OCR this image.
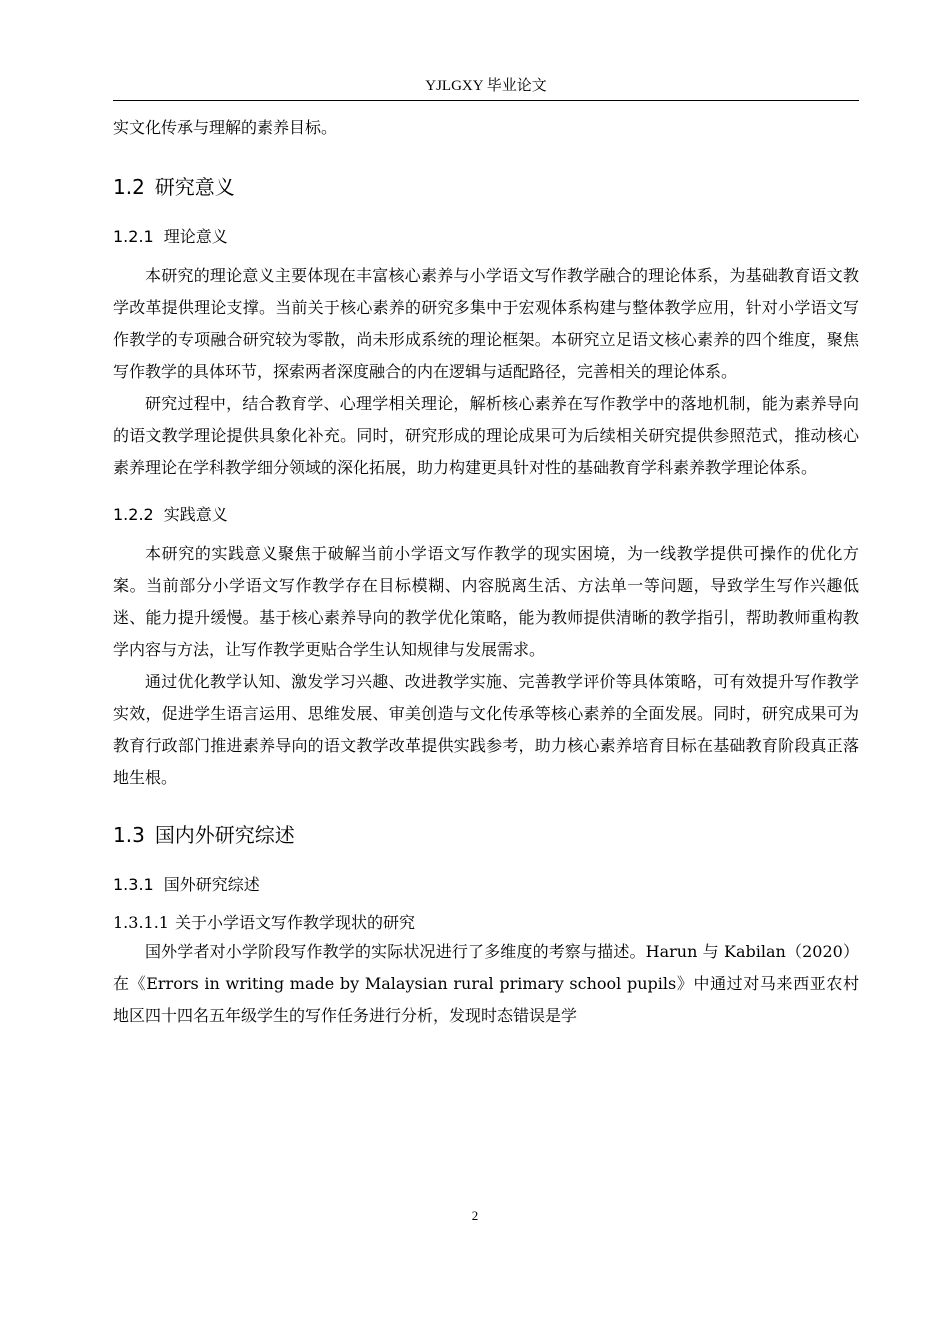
YJLGXY 毕业论文

实文化传承与理解的素养目标。

1.2 研究意义
1.2.1 理论意义

本研究的理论意义主要体现在丰富核心素养与小学语文写作教学融合的理论体系，为基础教育语文教学改革提供理论支撑。当前关于核心素养的研究多集中于宏观体系构建与整体教学应用，针对小学语文写作教学的专项融合研究较为零散，尚未形成系统的理论框架。本研究立足语文核心素养的四个维度，聚焦写作教学的具体环节，探索两者深度融合的内在逻辑与适配路径，完善相关的理论体系。

研究过程中，结合教育学、心理学相关理论，解析核心素养在写作教学中的落地机制，能为素养导向的语文教学理论提供具象化补充。同时，研究形成的理论成果可为后续相关研究提供参照范式，推动核心素养理论在学科教学细分领域的深化拓展，助力构建更具针对性的基础教育学科素养教学理论体系。

1.2.2 实践意义

本研究的实践意义聚焦于破解当前小学语文写作教学的现实困境，为一线教学提供可操作的优化方案。当前部分小学语文写作教学存在目标模糊、内容脱离生活、方法单一等问题，导致学生写作兴趣低迷、能力提升缓慢。基于核心素养导向的教学优化策略，能为教师提供清晰的教学指引，帮助教师重构教学内容与方法，让写作教学更贴合学生认知规律与发展需求。

通过优化教学认知、激发学习兴趣、改进教学实施、完善教学评价等具体策略，可有效提升写作教学实效，促进学生语言运用、思维发展、审美创造与文化传承等核心素养的全面发展。同时，研究成果可为教育行政部门推进素养导向的语文教学改革提供实践参考，助力核心素养培育目标在基础教育阶段真正落地生根。

1.3 国内外研究综述
1.3.1 国外研究综述
1.3.1.1 关于小学语文写作教学现状的研究

国外学者对小学阶段写作教学的实际状况进行了多维度的考察与描述。Harun 与 Kabilan（2020）在《Errors in writing made by Malaysian rural primary school pupils》中通过对马来西亚农村地区四十四名五年级学生的写作任务进行分析，发现时态错误是学

2
